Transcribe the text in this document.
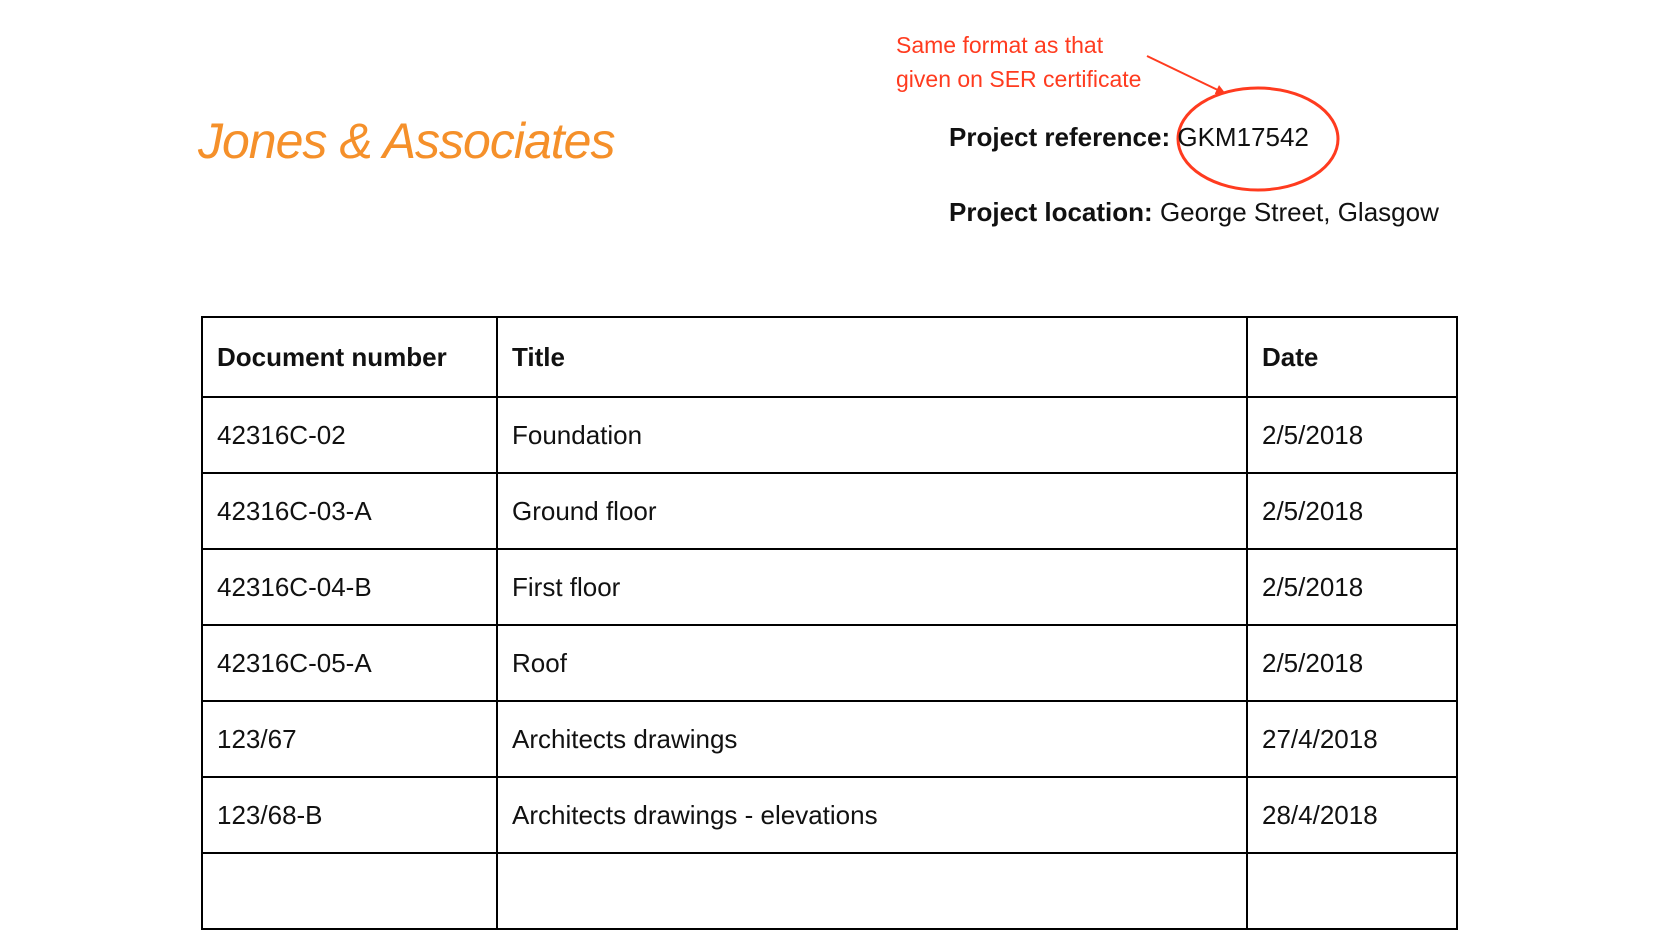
Jones & Associates
Same format as that
given on SER certificate
Project reference: GKM17542
Project location: George Street, Glasgow
Document number	Title	Date
42316C-02	Foundation	2/5/2018
42316C-03-A	Ground floor	2/5/2018
42316C-04-B	First floor	2/5/2018
42316C-05-A	Roof	2/5/2018
123/67	Architects drawings	27/4/2018
123/68-B	Architects drawings - elevations	28/4/2018
